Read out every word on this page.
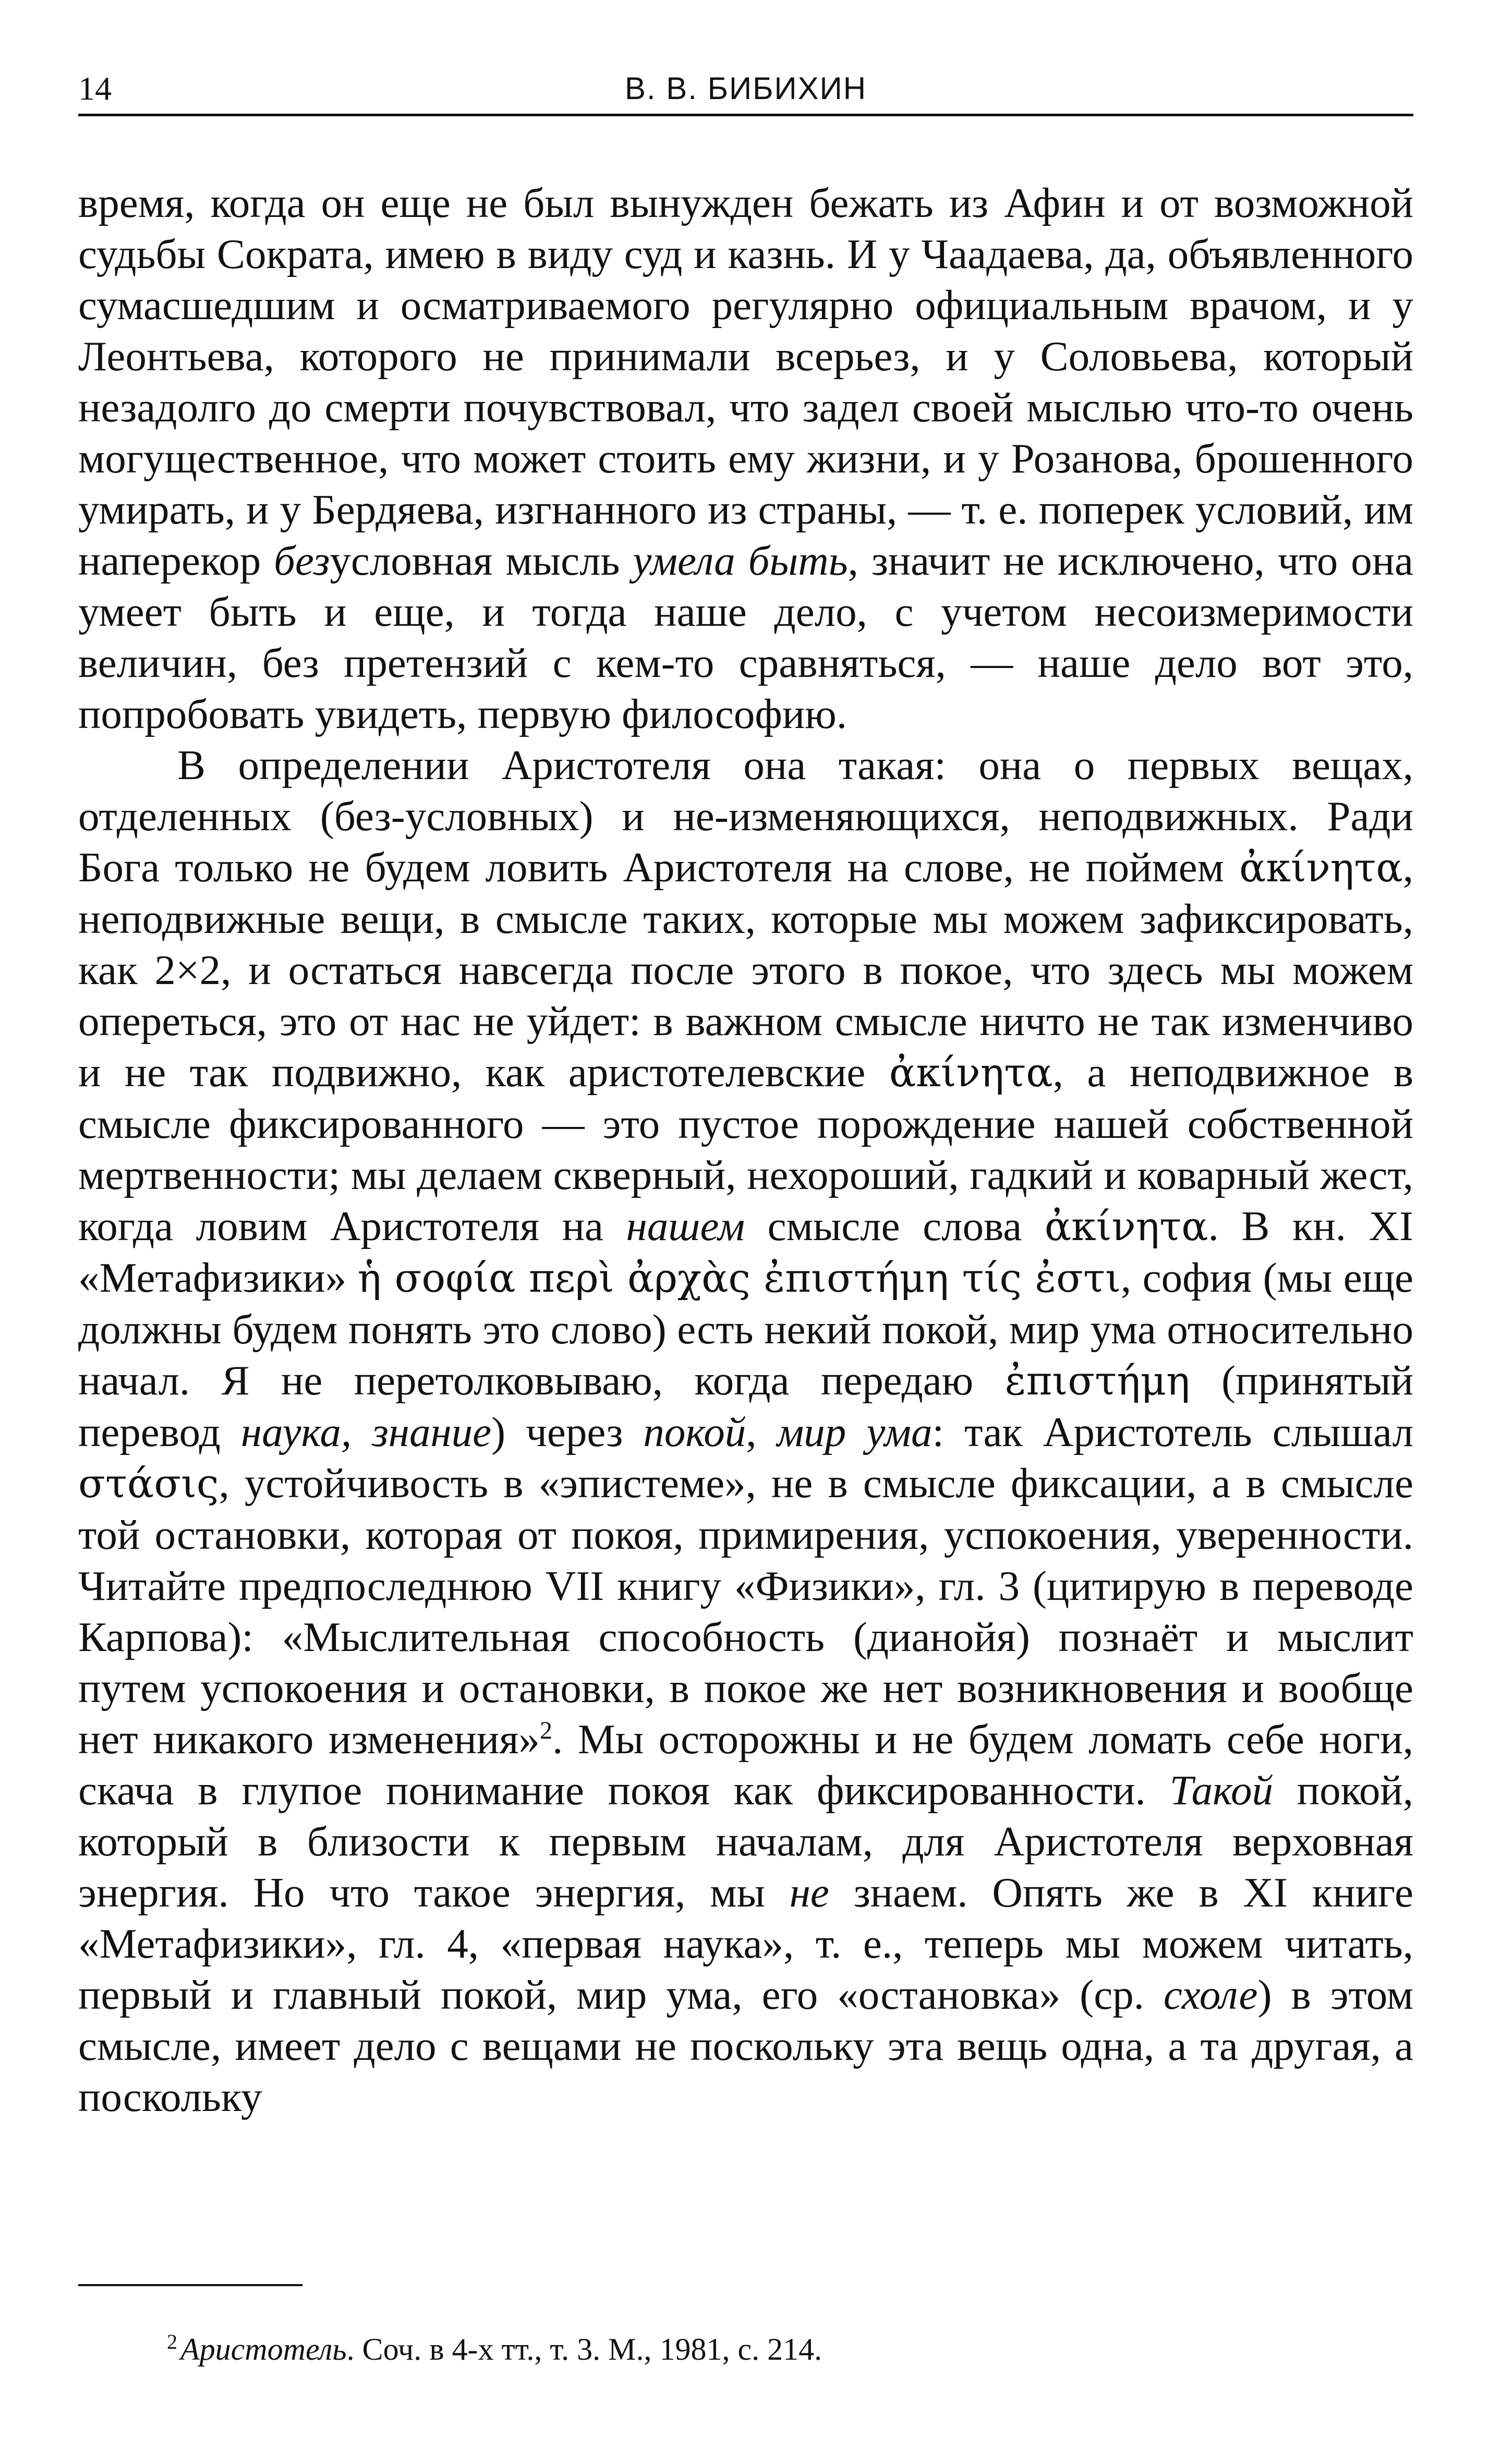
14	В. В. БИБИХИН

время, когда он еще не был вынужден бежать из Афин и от возможной судьбы Сократа, имею в виду суд и казнь. И у Чаадаева, да, объявленного сумасшедшим и осматриваемого регулярно официальным врачом, и у Леонтьева, которого не принимали всерьез, и у Соловьева, который незадолго до смерти почувствовал, что задел своей мыслью что-то очень могущественное, что может стоить ему жизни, и у Розанова, брошенного умирать, и у Бердяева, изгнанного из страны, — т. е. поперек условий, им наперекор безусловная мысль умела быть, значит не исключено, что она умеет быть и еще, и тогда наше дело, с учетом несоизмеримости величин, без претензий с кем-то сравняться, — наше дело вот это, попробовать увидеть, первую философию.

В определении Аристотеля она такая: она о первых вещах, отделенных (без-условных) и не-изменяющихся, неподвижных. Ради Бога только не будем ловить Аристотеля на слове, не поймем ἀκίνητα, неподвижные вещи, в смысле таких, которые мы можем зафиксировать, как 2×2, и остаться навсегда после этого в покое, что здесь мы можем опереться, это от нас не уйдет: в важном смысле ничто не так изменчиво и не так подвижно, как аристотелевские ἀκίνητα, а неподвижное в смысле фиксированного — это пустое порождение нашей собственной мертвенности; мы делаем скверный, нехороший, гадкий и коварный жест, когда ловим Аристотеля на нашем смысле слова ἀκίνητα. В кн. XI «Метафизики» ἡ σοφία περὶ ἀρχὰς ἐπιστήμη τίς ἐστι, софия (мы еще должны будем понять это слово) есть некий покой, мир ума относительно начал. Я не перетолковываю, когда передаю ἐπιστήμη (принятый перевод наука, знание) через покой, мир ума: так Аристотель слышал στάσις, устойчивость в «эпистеме», не в смысле фиксации, а в смысле той остановки, которая от покоя, примирения, успокоения, уверенности. Читайте предпоследнюю VII книгу «Физики», гл. 3 (цитирую в переводе Карпова): «Мыслительная способность (дианойя) познаёт и мыслит путем успокоения и остановки, в покое же нет возникновения и вообще нет никакого изменения»$^2$. Мы осторожны и не будем ломать себе ноги, скача в глупое понимание покоя как фиксированности. Такой покой, который в близости к первым началам, для Аристотеля верховная энергия. Но что такое энергия, мы не знаем. Опять же в XI книге «Метафизики», гл. 4, «первая наука», т. е., теперь мы можем читать, первый и главный покой, мир ума, его «остановка» (ср. схоле) в этом смысле, имеет дело с вещами не поскольку эта вещь одна, а та другая, а поскольку

$^2$ Аристотель. Соч. в 4-х тт., т. 3. М., 1981, с. 214.
